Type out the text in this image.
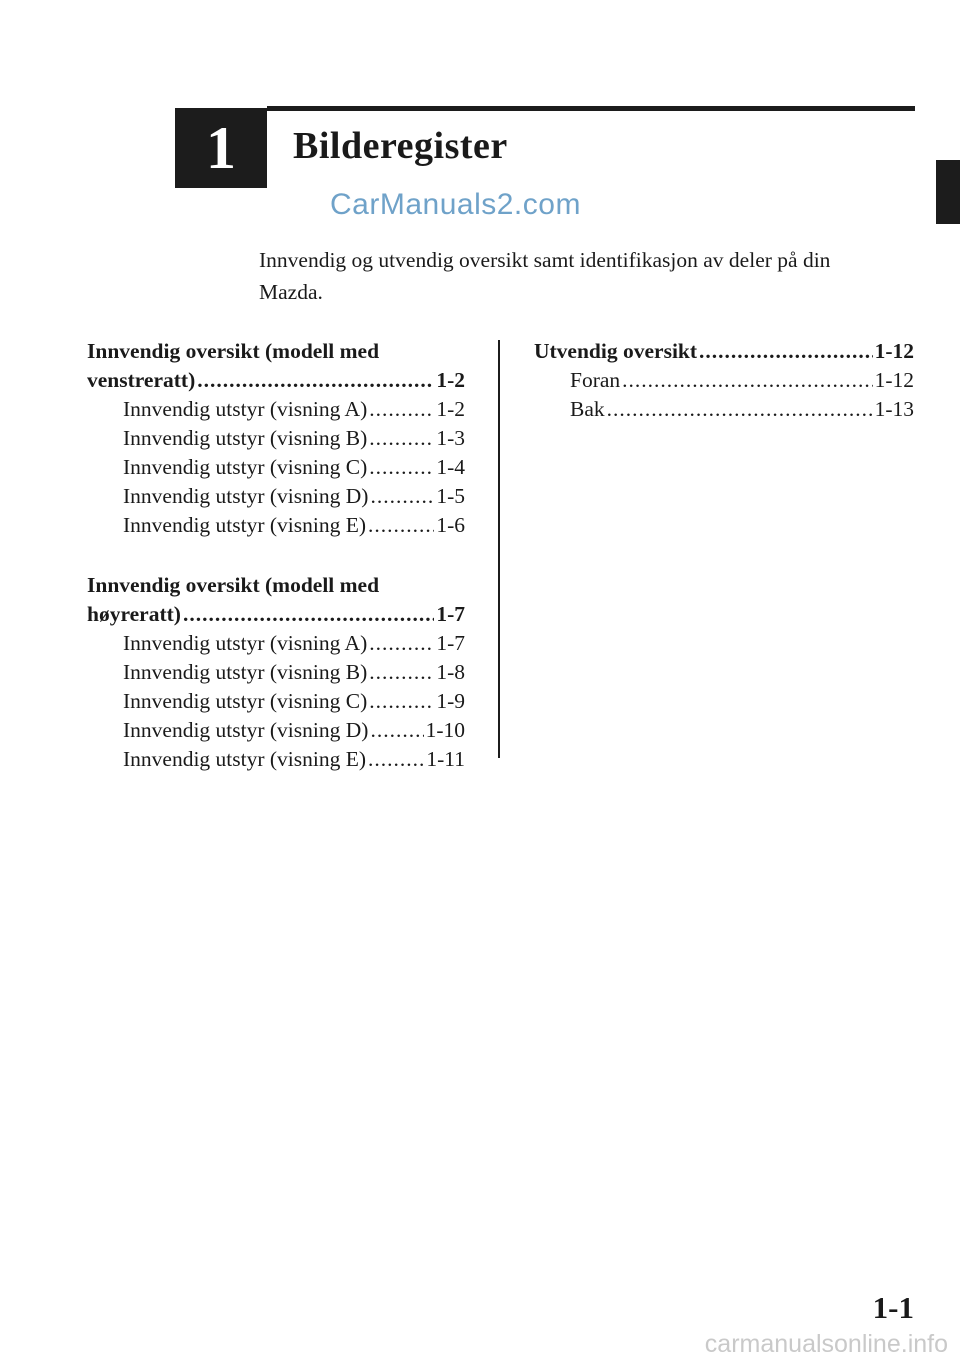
1 Bilderegister
CarManuals2.com
Innvendig og utvendig oversikt samt identifikasjon av deler på din Mazda.
Innvendig oversikt (modell med
venstreratt) .....	1-2
Innvendig utstyr (visning A) .....	1-2
Innvendig utstyr (visning B) .....	1-3
Innvendig utstyr (visning C) .....	1-4
Innvendig utstyr (visning D) .....	1-5
Innvendig utstyr (visning E) .....	1-6
Innvendig oversikt (modell med
høyreratt) .....	1-7
Innvendig utstyr (visning A) .....	1-7
Innvendig utstyr (visning B) .....	1-8
Innvendig utstyr (visning C) .....	1-9
Innvendig utstyr (visning D) .....	1-10
Innvendig utstyr (visning E) .....	1-11
Utvendig oversikt .....	1-12
Foran .....	1-12
Bak .....	1-13
1-1
carmanualsonline.info
